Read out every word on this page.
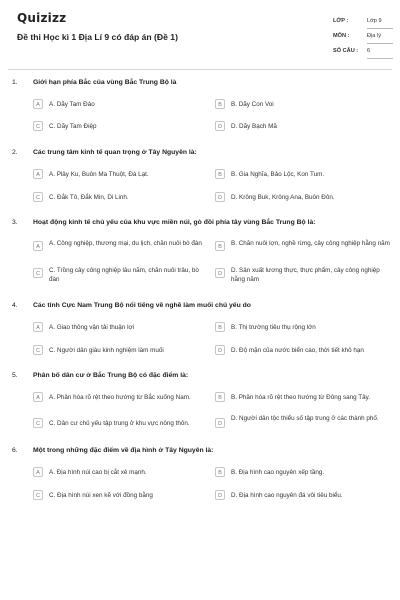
Quizizz
Đề thi Học kì 1 Địa Lí 9 có đáp án (Đề 1)
LỚP :	Lớp 9
MÔN :	Địa lý
SỐ CÂU : 6
1. Giới hạn phía Bắc của vùng Bắc Trung Bộ là
A	A. Dãy Tam Đảo	B	B. Dãy Con Voi
C	C. Dãy Tam Điệp	D	D. Dãy Bạch Mã
2. Các trung tâm kinh tế quan trọng ở Tây Nguyên là:
A	A. Plây Ku, Buôn Ma Thuột, Đà Lạt.	B	B. Gia Nghĩa, Bảo Lộc, Kon Tum.
C	C. Đắk Tô, Đắk Min, Di Linh.	D	D. Krông Buk, Krông Ana, Buôn Đôn.
3. Hoạt động kinh tế chủ yếu của khu vực miền núi, gò đồi phía tây vùng Bắc Trung Bộ là:
A	A. Công nghiệp, thương mại, du lịch, chăn nuôi bò đàn	B	B. Chăn nuôi lợn, nghề rừng, cây công nghiệp hằng năm
C	C. Trồng cây công nghiệp lâu năm, chăn nuôi trâu, bò đàn
D	D. Sản xuất lương thực, thực phẩm, cây công nghiệp hằng năm
4. Các tỉnh Cực Nam Trung Bộ nổi tiếng về nghề làm muối chủ yếu do
A	A. Giao thông vận tải thuận lợi	B	B. Thị trường tiêu thụ rộng lớn
C	C. Người dân giàu kinh nghiệm làm muối	D	D. Độ mặn của nước biển cao, thời tiết khô hạn
5. Phân bố dân cư ở Bắc Trung Bộ có đặc điểm là:
A	A. Phân hóa rõ rệt theo hướng từ Bắc xuống Nam.	B	B. Phân hóa rõ rệt theo hướng từ Đông sang Tây.
C	C. Dân cư chủ yếu tập trung ở khu vực nông thôn.	D
D. Người dân tộc thiểu số tập trung ở các thành phố.
6. Một trong những đặc điểm về địa hình ở Tây Nguyên là:
A	A. Địa hình núi cao bị cắt xẻ mạnh.	B	B. Địa hình cao nguyên xếp tầng.
C	C. Địa hình núi xen kẽ với đồng bằng	D	D. Địa hình cao nguyên đá vôi tiêu biểu.
